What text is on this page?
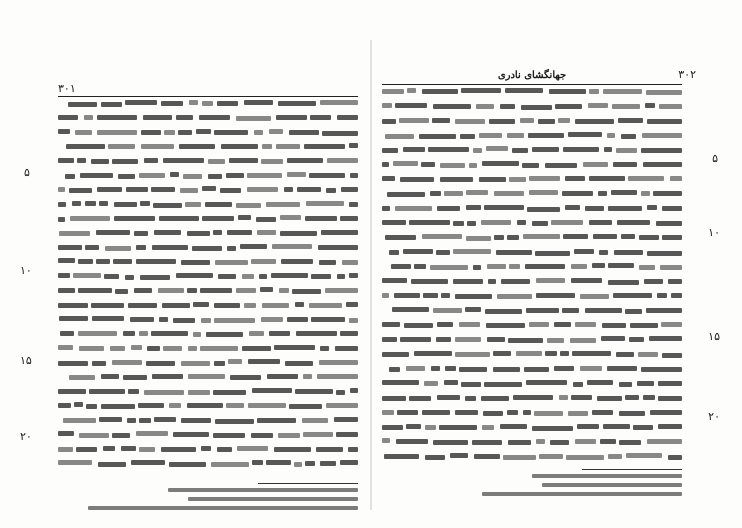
۳۰۱
۵
۱۰
۱۵
۲۰
جهانگشای نادری	۳۰۲
۵
۱۰
۱۵
۲۰
